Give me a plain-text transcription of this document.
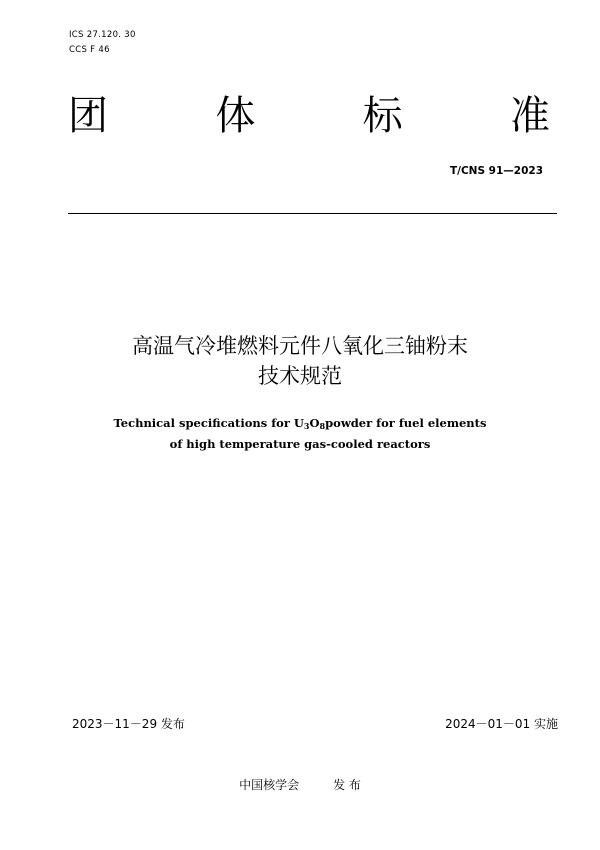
ICS 27.120. 30
CCS F 46
团	体	标	准
T/CNS 91—2023
高温气冷堆燃料元件八氧化三铀粉末
技术规范
Technical specifications for U3O8powder for fuel elements
of high temperature gas-cooled reactors
2023－11－29 发布	2024－01－01 实施
中国核学会	发 布
